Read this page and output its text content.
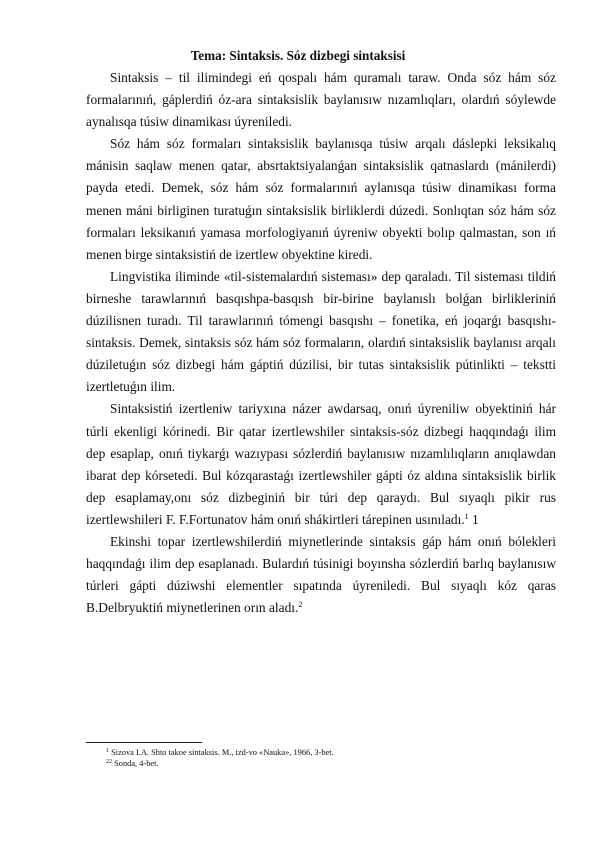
Tema: Sintaksis. Sóz dizbegi sintaksisi

Sintaksis – til ilimindegi eń qospalı hám quramalı taraw. Onda sóz hám sóz formalarınıń, gáplerdiń óz-ara sintaksislik baylanısıw nızamlıqları, olardıń sóylewde aynalısqa túsiw dinamikası úyreniledi.

Sóz hám sóz formaları sintaksislik baylanısqa túsiw arqalı dáslepki leksikalıq mánisin saqlaw menen qatar, absrtaktsiyalanǵan sintaksislik qatnaslardı (mánilerdi) payda etedi. Demek, sóz hám sóz formalarınıń aylanısqa túsiw dinamikası forma menen máni birliginen turatuǵın sintaksislik birliklerdi dúzedi. Sonlıqtan sóz hám sóz formaları leksikanıń yamasa morfologiyanıń úyreniw obyekti bolıp qalmastan, son ıń menen birge sintaksistiń de izertlew obyektine kiredi.

Lingvistika iliminde «til-sistemalardıń sisteması» dep qaraladı. Til sisteması tildiń birneshe tarawlarınıń basqıshpa-basqısh bir-birine baylanıslı bolǵan birlikleriniń dúzilisnen turadı. Til tarawlarınıń tómengi basqıshı – fonetika, eń joqarǵı basqıshı-sintaksis. Demek, sintaksis sóz hám sóz formaların, olardıń sintaksislik baylanısı arqalı dúziletuǵın sóz dizbegi hám gáptiń dúzilisi, bir tutas sintaksislik pútinlikti – tekstti izertletuǵın ilim.

Sintaksistiń izertleniw tariyxına názer awdarsaq, onıń úyreniliw obyektiniń hár túrli ekenligi kórinedi. Bir qatar izertlewshiler sintaksis-sóz dizbegi haqqındaǵı ilim dep esaplap, onıń tiykarǵı wazıypası sózlerdiń baylanısıw nızamlılıqların anıqlawdan ibarat dep kórsetedi. Bul kózqarastaǵı izertlewshiler gápti óz aldına sintaksislik birlik dep esaplamay,onı sóz dizbeginiń bir túri dep qaraydı. Bul sıyaqlı pikir rus izertlewshileri F. F.Fortunatov hám onıń shákirtleri tárepinen usınıladı.$^1$ 1

Ekinshi topar izertlewshilerdiń miynetlerinde sintaksis gáp hám onıń bólekleri haqqındaǵı ilim dep esaplanadı. Bulardıń túsinigi boyınsha sózlerdiń barlıq baylanısıw túrleri gápti dúziwshi elementler sıpatında úyreniledi. Bul sıyaqlı kóz qaras B.Delbryuktiń miynetlerinen orın aladı.$^2$

$^1$ Sizova I.A. Shto takoe sintaksis. M., izd-vo «Nauka», 1966, 3-bet.
$^{22}$ Sonda, 4-bet.
